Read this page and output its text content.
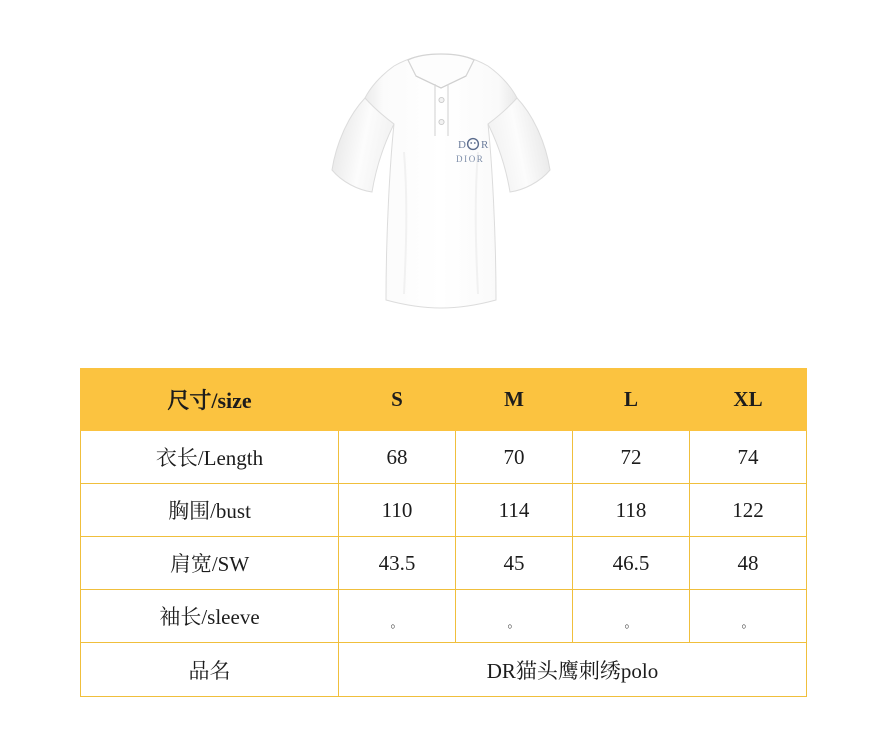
D R
DIOR
尺寸/size	S	M	L	XL
衣长/Length	68	70	72	74
胸围/bust	110	114	118	122
肩宽/SW	43.5	45	46.5	48
袖长/sleeve	。	。	。	。
品名	DR猫头鹰刺绣polo			
